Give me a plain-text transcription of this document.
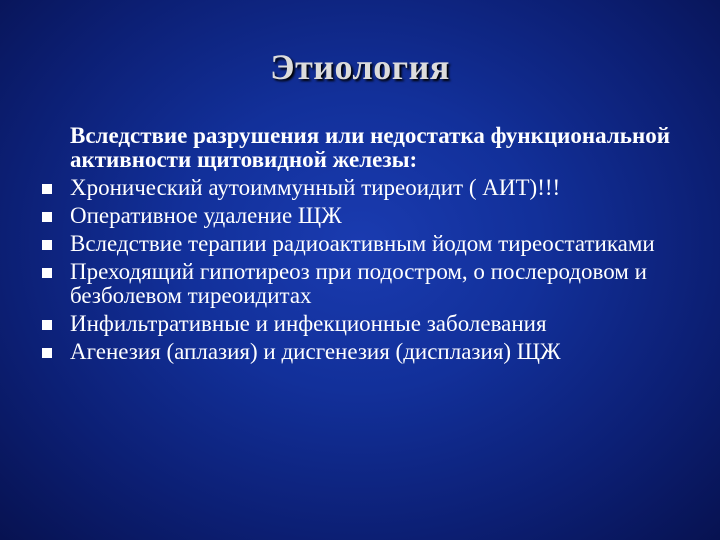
Этиология

Вследствие разрушения или недостатка функциональной активности щитовидной железы:

Хронический аутоиммунный тиреоидит ( АИТ)!!!
Оперативное удаление ЩЖ
Вследствие терапии радиоактивным йодом тиреостатиками
Преходящий гипотиреоз при подостром, о послеродовом и безболевом тиреоидитах
Инфильтративные и инфекционные заболевания
Агенезия (аплазия) и дисгенезия (дисплазия) ЩЖ
